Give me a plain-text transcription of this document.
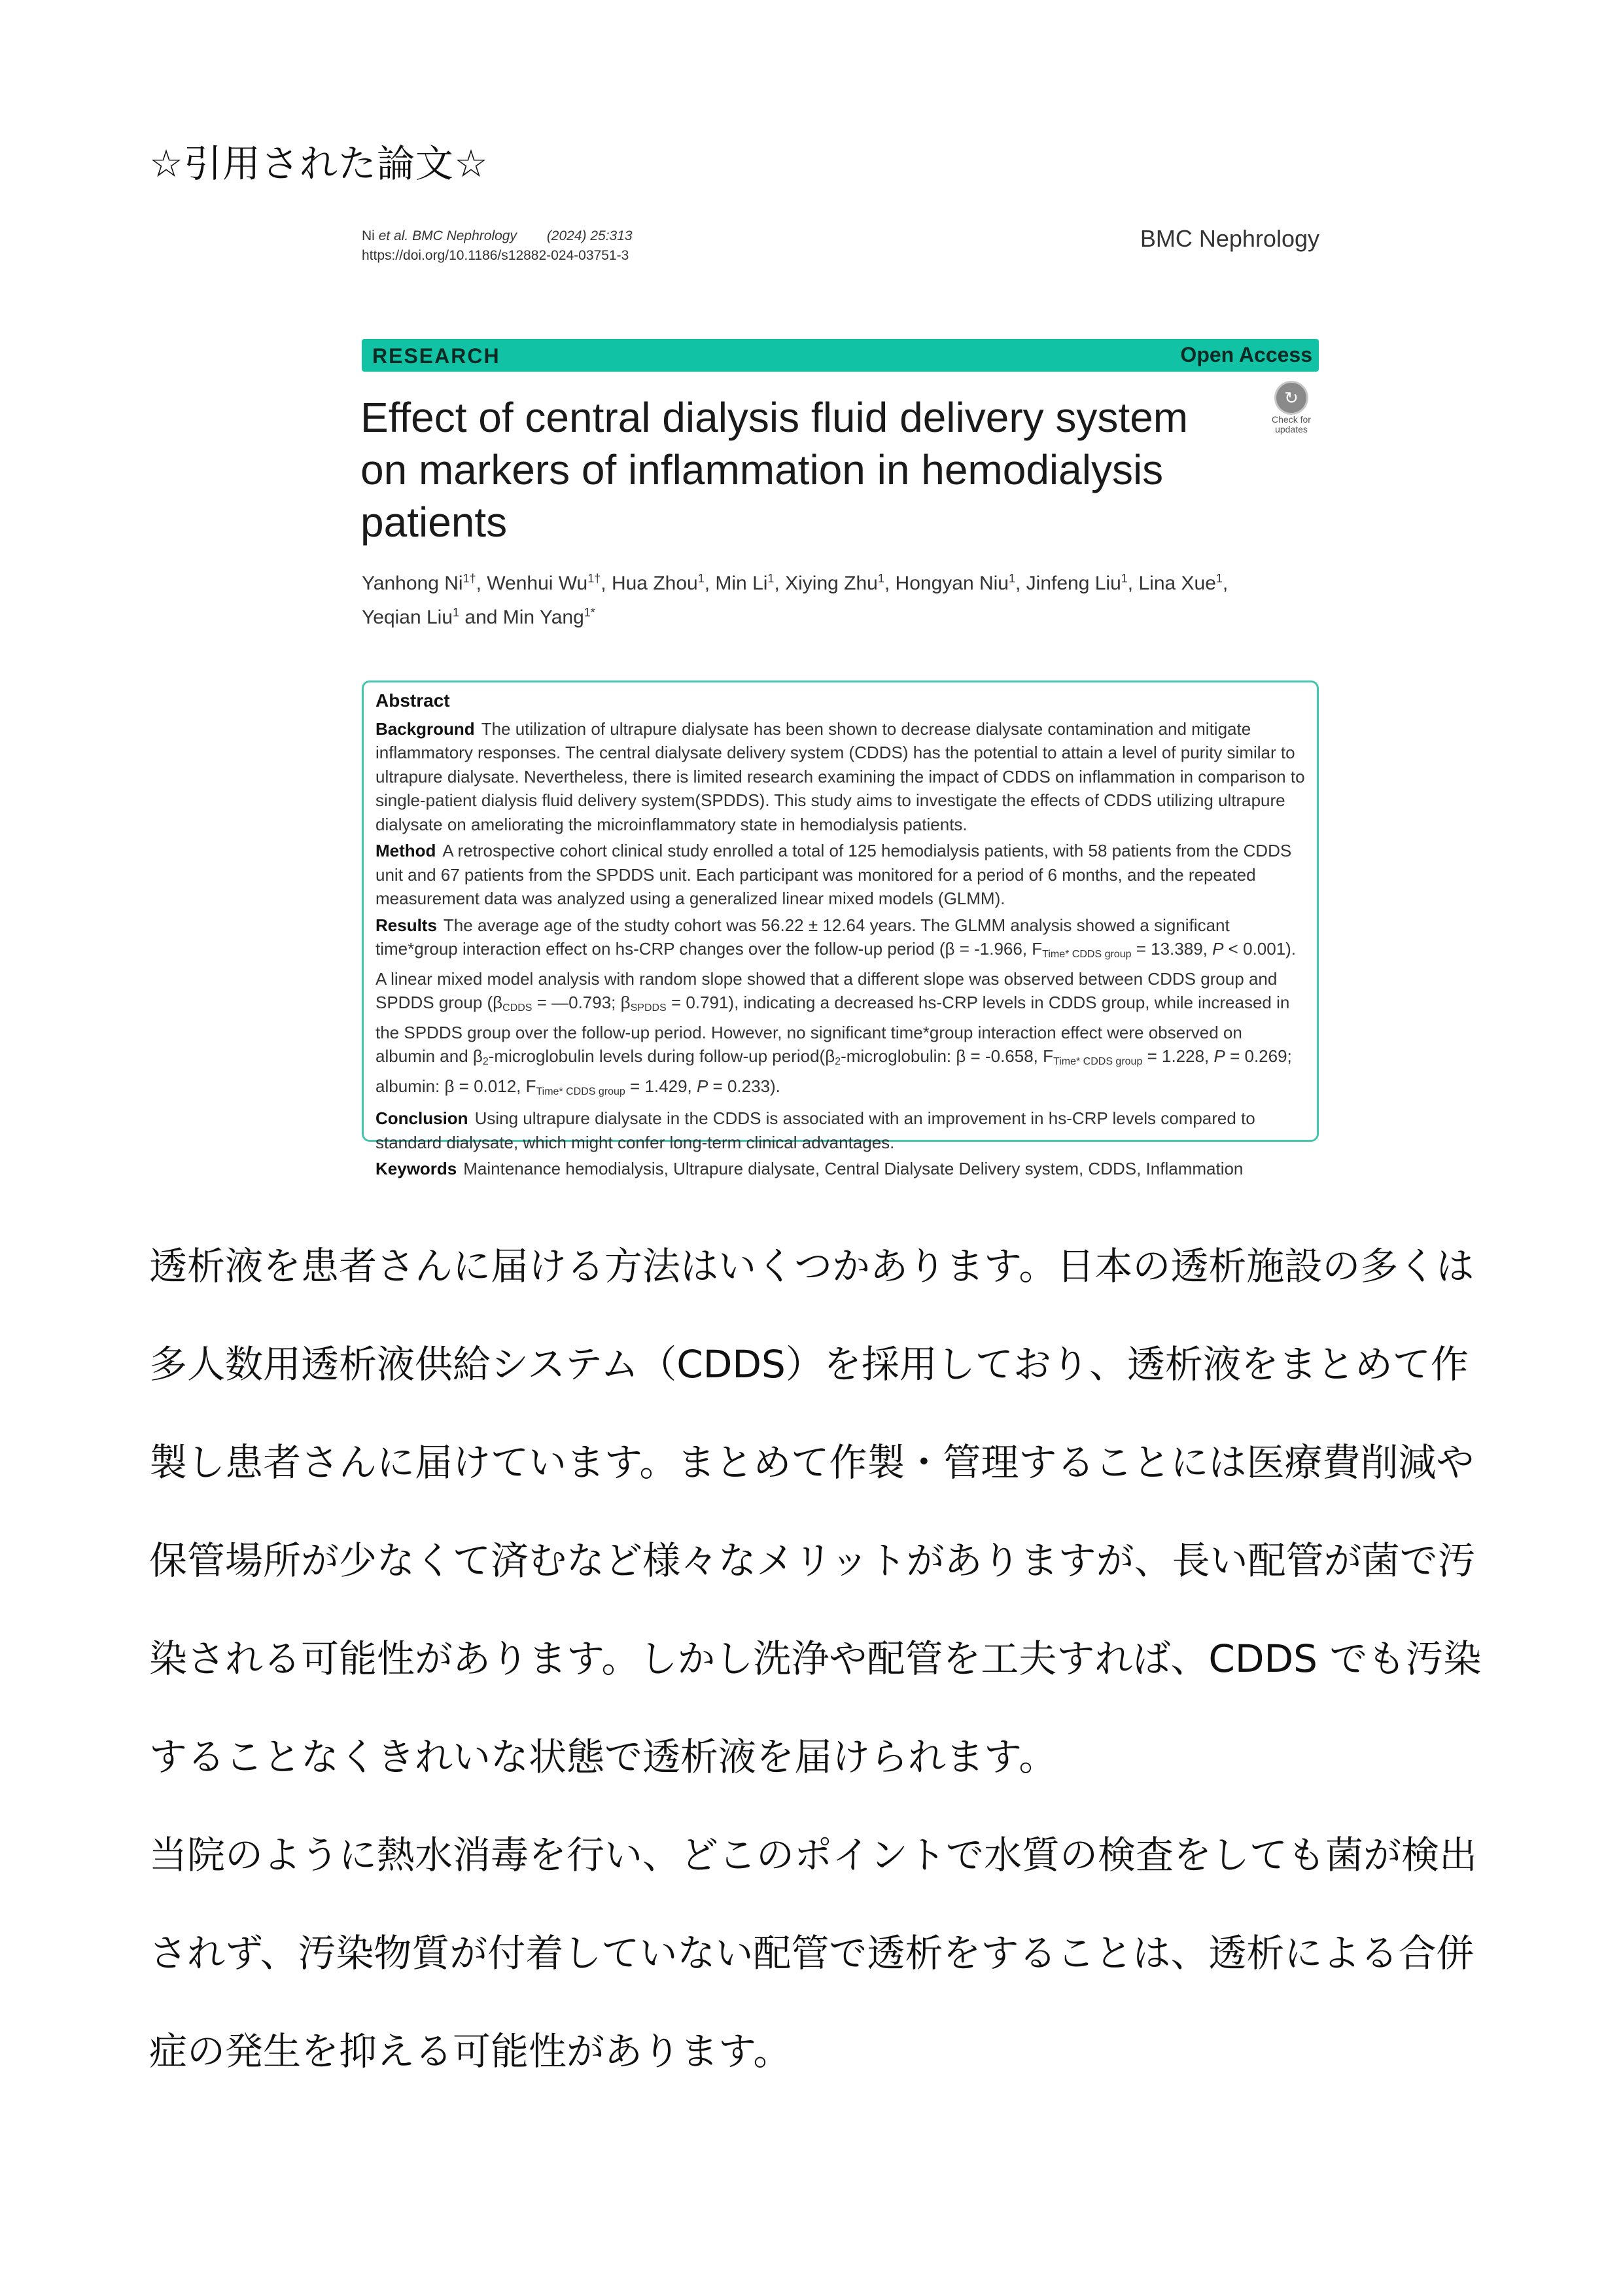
☆引用された論文☆
Ni et al. BMC Nephrology (2024) 25:313
https://doi.org/10.1186/s12882-024-03751-3
BMC Nephrology
RESEARCH	Open Access
↻
Check for
updates
Effect of central dialysis fluid delivery system on markers of inflammation in hemodialysis patients
Yanhong $Ni^{1\dagger}$, Wenhui $Wu^{1\dagger}$, Hua Zhou$^1$, Min Li$^1$, Xiying Zhu$^1$, Hongyan Niu$^1$, Jinfeng Liu$^1$, Lina Xue$^1$,
Yeqian Liu$^1$ and Min Yang$^{1*}$
Abstract
Background The utilization of ultrapure dialysate has been shown to decrease dialysate contamination and mitigate inflammatory responses. The central dialysate delivery system (CDDS) has the potential to attain a level of purity similar to ultrapure dialysate. Nevertheless, there is limited research examining the impact of CDDS on inflammation in comparison to single-patient dialysis fluid delivery system(SPDDS). This study aims to investigate the effects of CDDS utilizing ultrapure dialysate on ameliorating the microinflammatory state in hemodialysis patients.
Method A retrospective cohort clinical study enrolled a total of 125 hemodialysis patients, with 58 patients from the CDDS unit and 67 patients from the SPDDS unit. Each participant was monitored for a period of 6 months, and the repeated measurement data was analyzed using a generalized linear mixed models (GLMM).
Results The average age of the studty cohort was 56.22 ± 12.64 years. The GLMM analysis showed a significant time*group interaction effect on hs-CRP changes over the follow-up period (β = -1.966, $F_{Time* CDDS group} = 13.389$, P < 0.001). A linear mixed model analysis with random slope showed that a different slope was observed between CDDS group and SPDDS group ($\beta_{CDDS}$ = —0.793; $\beta_{SPDDS} = 0.791$), indicating a decreased hs-CRP levels in CDDS group, while increased in the SPDDS group over the follow-up period. However, no significant time*group interaction effect were observed on albumin and $\beta_2$-microglobulin levels during follow-up $period(\beta_2$-microglobulin: β = -0.658, $F_{Time* CDDS group} = 1.228$, P = 0.269; albumin: β = 0.012, $F_{Time* CDDS group} = 1.429$, P = 0.233).
Conclusion Using ultrapure dialysate in the CDDS is associated with an improvement in hs-CRP levels compared to standard dialysate, which might confer long-term clinical advantages.
Keywords Maintenance hemodialysis, Ultrapure dialysate, Central Dialysate Delivery system, CDDS, Inflammation

透析液を患者さんに届ける方法はいくつかあります。日本の透析施設の多くは多人数用透析液供給システム（CDDS）を採用しており、透析液をまとめて作製し患者さんに届けています。まとめて作製・管理することには医療費削減や保管場所が少なくて済むなど様々なメリットがありますが、長い配管が菌で汚染される可能性があります。しかし洗浄や配管を工夫すれば、CDDS でも汚染することなくきれいな状態で透析液を届けられます。

当院のように熱水消毒を行い、どこのポイントで水質の検査をしても菌が検出されず、汚染物質が付着していない配管で透析をすることは、透析による合併症の発生を抑える可能性があります。
